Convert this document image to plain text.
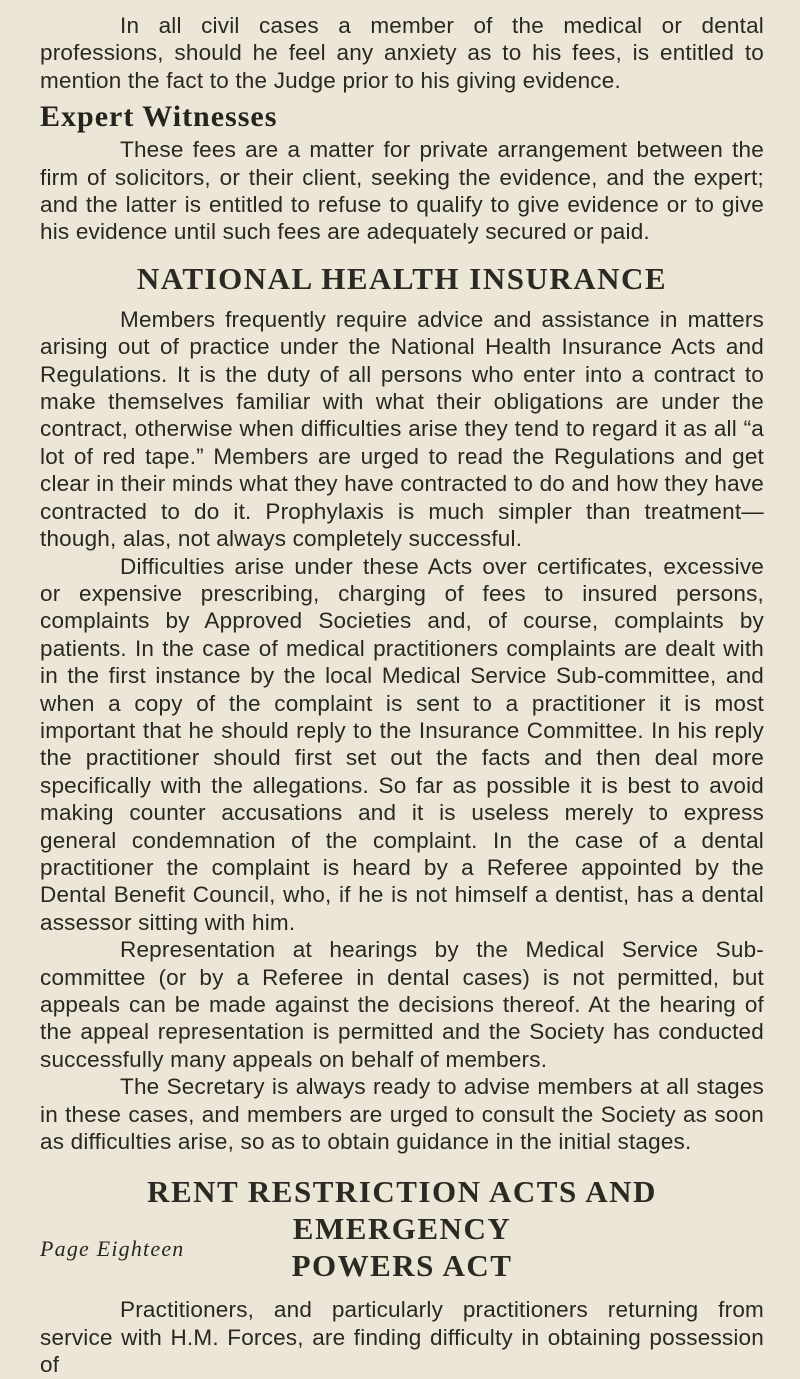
In all civil cases a member of the medical or dental professions, should he feel any anxiety as to his fees, is entitled to mention the fact to the Judge prior to his giving evidence.

Expert Witnesses

These fees are a matter for private arrangement between the firm of solicitors, or their client, seeking the evidence, and the expert; and the latter is entitled to refuse to qualify to give evidence or to give his evidence until such fees are adequately secured or paid.

NATIONAL HEALTH INSURANCE

Members frequently require advice and assistance in matters arising out of practice under the National Health Insurance Acts and Regulations. It is the duty of all persons who enter into a contract to make themselves familiar with what their obligations are under the contract, otherwise when difficulties arise they tend to regard it as all “a lot of red tape.” Members are urged to read the Regulations and get clear in their minds what they have contracted to do and how they have contracted to do it. Prophylaxis is much simpler than treatment—though, alas, not always completely successful.

Difficulties arise under these Acts over certificates, excessive or expensive prescribing, charging of fees to insured persons, complaints by Approved Societies and, of course, complaints by patients. In the case of medical practitioners complaints are dealt with in the first instance by the local Medical Service Sub-committee, and when a copy of the complaint is sent to a practitioner it is most important that he should reply to the Insurance Committee. In his reply the practitioner should first set out the facts and then deal more specifically with the allegations. So far as possible it is best to avoid making counter accusations and it is useless merely to express general condemnation of the complaint. In the case of a dental practitioner the complaint is heard by a Referee appointed by the Dental Benefit Council, who, if he is not himself a dentist, has a dental assessor sitting with him.

Representation at hearings by the Medical Service Sub-committee (or by a Referee in dental cases) is not permitted, but appeals can be made against the decisions thereof. At the hearing of the appeal representation is permitted and the Society has conducted successfully many appeals on behalf of members.

The Secretary is always ready to advise members at all stages in these cases, and members are urged to consult the Society as soon as difficulties arise, so as to obtain guidance in the initial stages.

RENT RESTRICTION ACTS AND EMERGENCY
POWERS ACT

Practitioners, and particularly practitioners returning from service with H.M. Forces, are finding difficulty in obtaining possession of

Page Eighteen
